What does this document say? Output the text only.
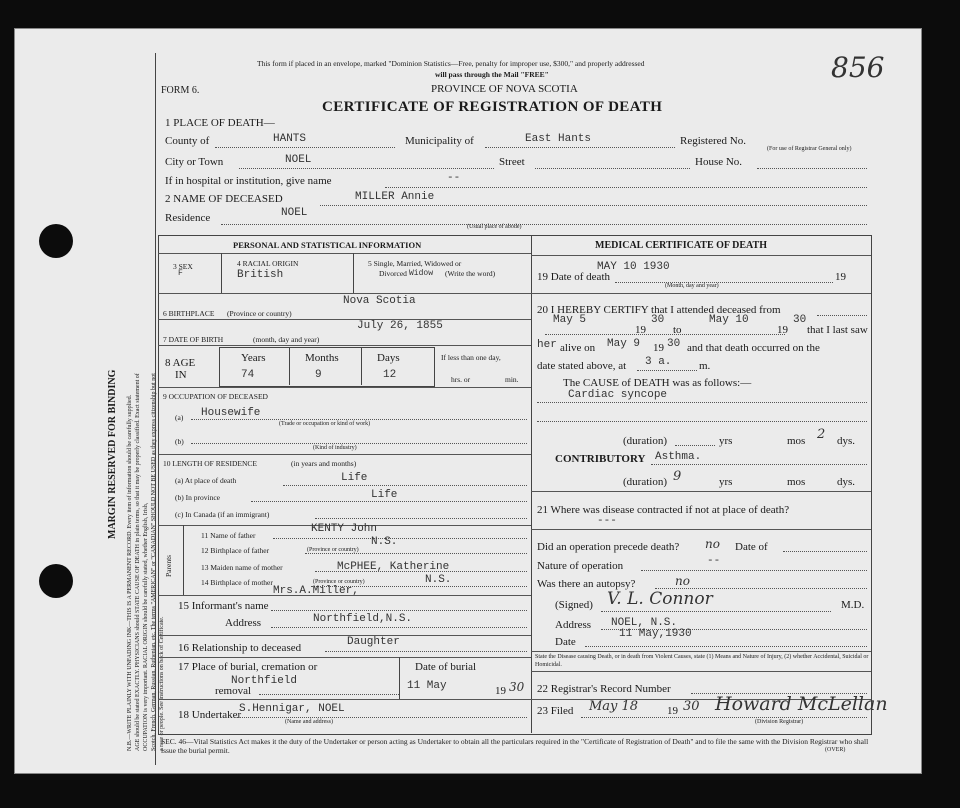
MARGIN RESERVED FOR BINDING N.B.—WRITE PLAINLY WITH UNFADING INK—THIS IS A PERMANENT RECORD. Every item of information should be carefully supplied. AGE should be stated EXACTLY. PHYSICIANS should STATE CAUSE OF DEATH in plain terms, so that it may be properly classified. Exact statement of OCCUPATION is very important. RACIAL ORIGIN should be carefully stated, whether English, Irish, Scotch, French, German, Russian, Ruthenian, etc. The terms "AMERICAN" or "CANADIAN" SHOULD NOT BE USED as they express citizenship but not a race or people. See instructions on back of Certificate.
This form if placed in an envelope, marked "Dominion Statistics—Free, penalty for improper use, $300," and properly addressed
will pass through the Mail "FREE"	856
FORM 6.	PROVINCE OF NOVA SCOTIA
CERTIFICATE OF REGISTRATION OF DEATH
1 PLACE OF DEATH—
County of	HANTS	Municipality of	East Hants	Registered No.
(For use of Registrar General only)
City or Town	NOEL	Street	House No.
If in hospital or institution, give name	--
2 NAME OF DECEASED	MILLER Annie
Residence	NOEL
(Usual place of abode)
PERSONAL AND STATISTICAL INFORMATION	MEDICAL CERTIFICATE OF DEATH
3 SEX
F
4 RACIAL ORIGIN
British
5 Single, Married, Widowed or
Divorced Widow (Write the word)
Nova Scotia
6 BIRTHPLACE (Province or country)
July 26, 1855
7 DATE OF BIRTH	(month, day and year)
8 AGE
IN
Years	Months	Days
74	9	12
If less than one day,
hrs. or	min.
9 OCCUPATION OF DECEASED
(a) Housewife
(Trade or occupation or kind of work)
(b)
(Kind of industry)
10 LENGTH OF RESIDENCE	(in years and months)
(a) At place of death	Life
(b) In province	Life
(c) In Canada (if an immigrant)
Parents
11 Name of father
KENTY John
12 Birthplace of father	(Province or country)
N.S.
13 Maiden name of mother	McPHEE, Katherine
14 Birthplace of mother	(Province or country)	N.S.
Mrs.A.Miller,
15 Informant's name
Address	Northfield,N.S.
Daughter
16 Relationship to deceased
17 Place of burial, cremation or
removal
Northfield
Date of burial
11 May	19 30
18 Undertaker
S.Hennigar, NOEL
(Name and address)
MAY 10 1930
19 Date of death	19
(Month, day and year)
20 I HEREBY CERTIFY that I attended deceased from
May 5
19
30
to
May 10
19
30
that I last saw
her alive on May 9 19 30 and that death occurred on the
date stated above, at 3 a.	m.
The CAUSE of DEATH was as follows:—
Cardiac syncope
(duration)	yrs	mos 2 dys.
CONTRIBUTORY Asthma.
(duration) 9	yrs	mos	dys.
21 Where was disease contracted if not at place of death?
---
Did an operation precede death? no Date of
Nature of operation	--
Was there an autopsy?	no
(Signed) V. L. Connor	M.D.
Address NOEL, N.S.
Date
11 May,1930
State the Disease causing Death, or in death from Violent Causes, state (1) Means and Nature of Injury, (2) whether Accidental, Suicidal or Homicidal.
22 Registrar's Record Number
23 Filed May 18	19 30 Howard McLellan
(Division Registrar)
SEC. 46—Vital Statistics Act makes it the duty of the Undertaker or person acting as Undertaker to obtain all the particulars required in the "Certificate of Registration of Death" and to file the same with the Division Registrar who shall issue the burial permit.	(OVER)
